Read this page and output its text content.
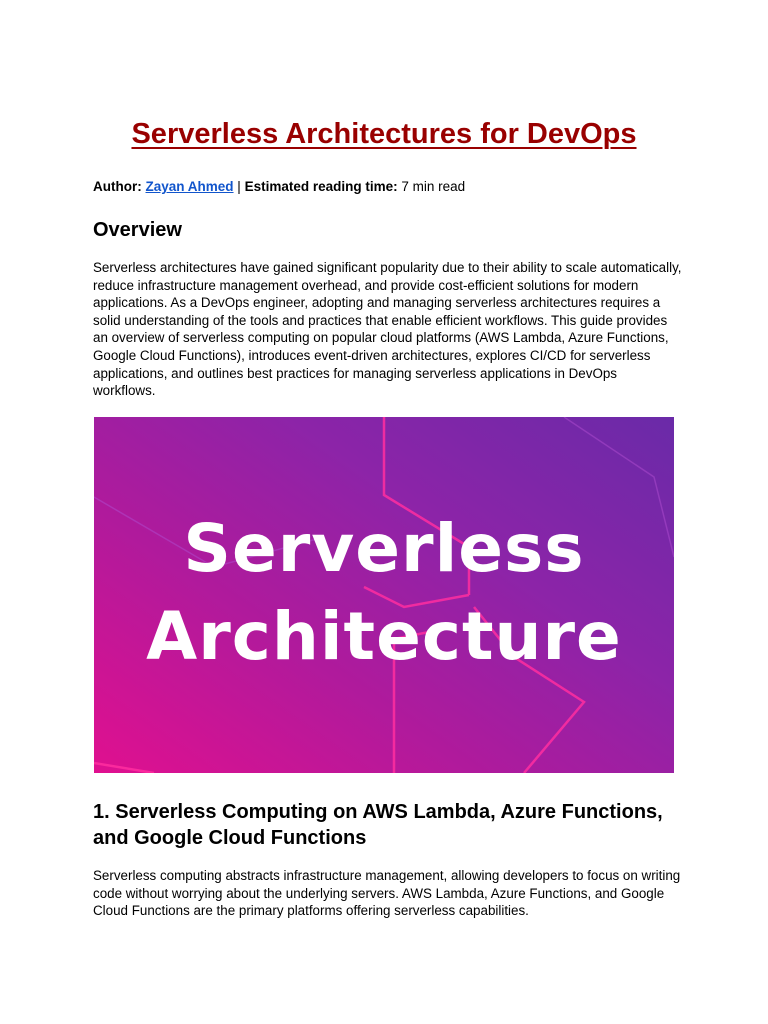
Serverless Architectures for DevOps
Author: Zayan Ahmed | Estimated reading time: 7 min read
Overview

Serverless architectures have gained significant popularity due to their ability to scale automatically, reduce infrastructure management overhead, and provide cost-efficient solutions for modern applications. As a DevOps engineer, adopting and managing serverless architectures requires a solid understanding of the tools and practices that enable efficient workflows. This guide provides an overview of serverless computing on popular cloud platforms (AWS Lambda, Azure Functions, Google Cloud Functions), introduces event-driven architectures, explores CI/CD for serverless applications, and outlines best practices for managing serverless applications in DevOps workflows.

Serverless
Architecture
1. Serverless Computing on AWS Lambda, Azure Functions, and Google Cloud Functions

Serverless computing abstracts infrastructure management, allowing developers to focus on writing code without worrying about the underlying servers. AWS Lambda, Azure Functions, and Google Cloud Functions are the primary platforms offering serverless capabilities.
